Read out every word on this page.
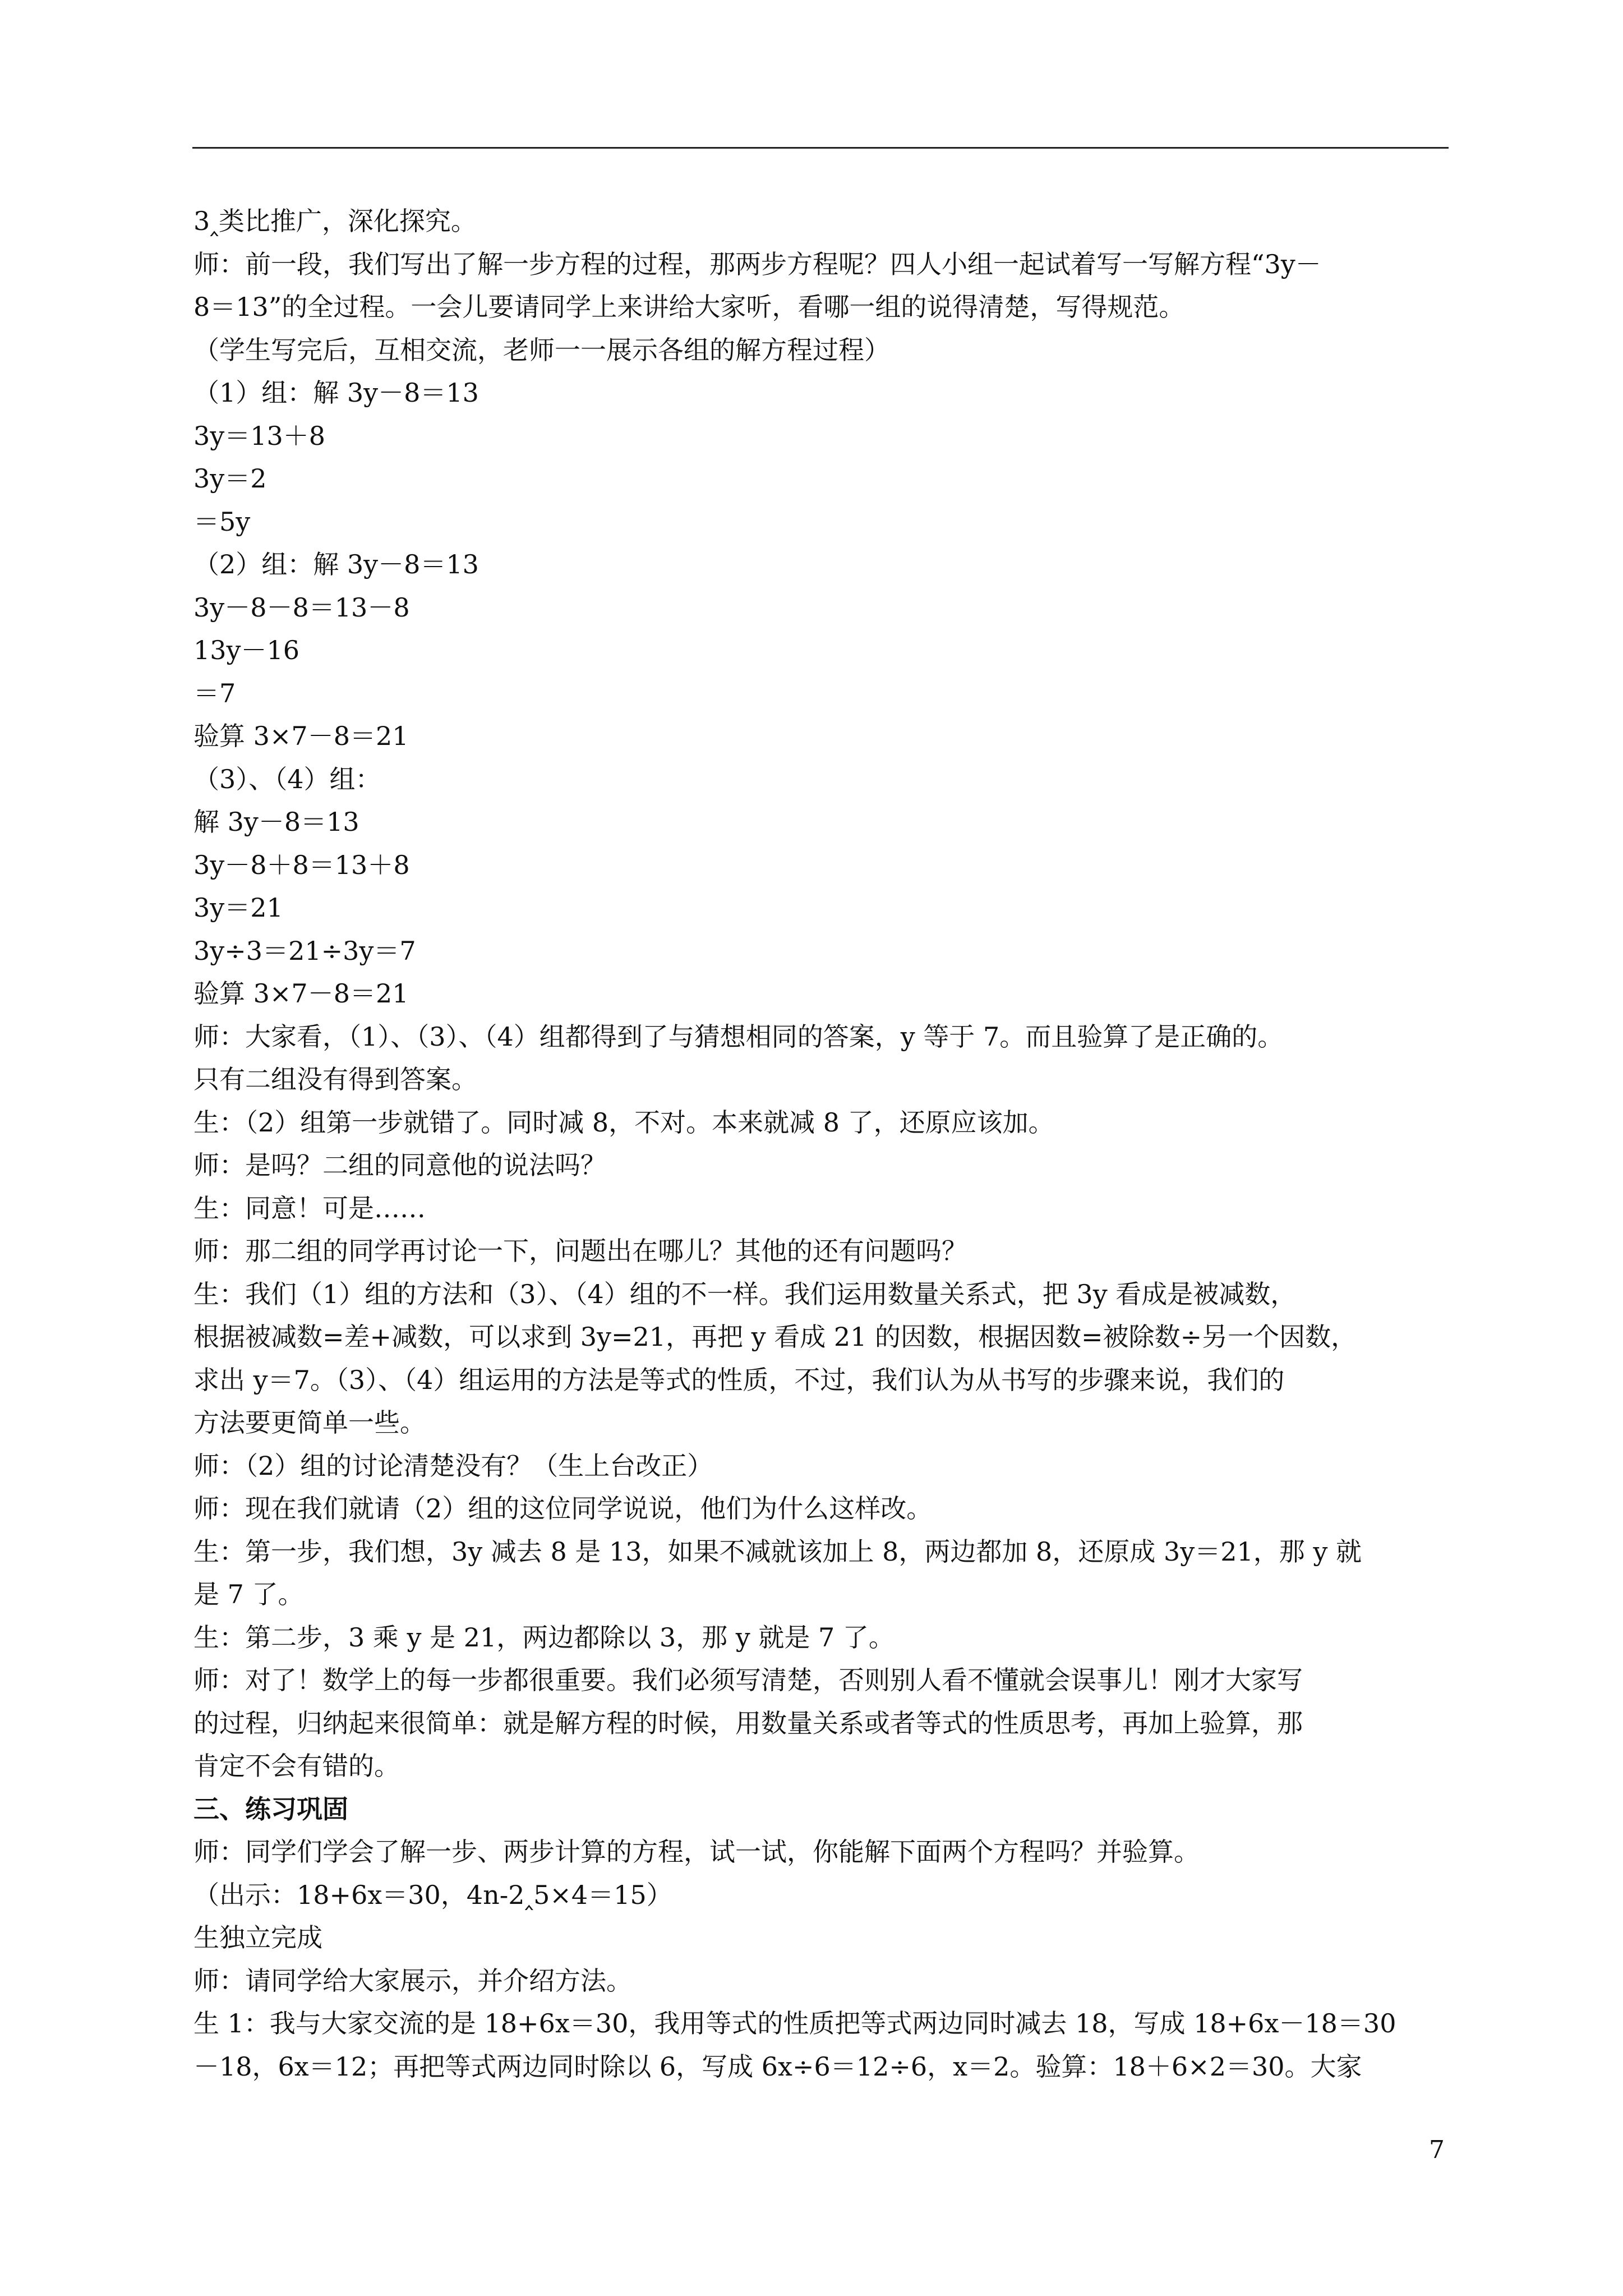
3‸类比推广，深化探究。
师：前一段，我们写出了解一步方程的过程，那两步方程呢？四人小组一起试着写一写解方程“3y－
8＝13”的全过程。一会儿要请同学上来讲给大家听，看哪一组的说得清楚，写得规范。
（学生写完后，互相交流，老师一一展示各组的解方程过程）
（1）组：解 3y－8＝13
3y＝13＋8
3y＝2
＝5y
（2）组：解 3y－8＝13
3y－8－8＝13－8
13y－16
＝7
验算 3×7－8＝21
（3）、（4）组：
解 3y－8＝13
3y－8＋8＝13＋8
3y＝21
3y÷3＝21÷3y＝7
验算 3×7－8＝21
师：大家看，（1）、（3）、（4）组都得到了与猜想相同的答案，y 等于 7。而且验算了是正确的。
只有二组没有得到答案。
生：（2）组第一步就错了。同时减 8，不对。本来就减 8 了，还原应该加。
师：是吗？二组的同意他的说法吗？
生：同意！可是……
师：那二组的同学再讨论一下，问题出在哪儿？其他的还有问题吗？
生：我们（1）组的方法和（3）、（4）组的不一样。我们运用数量关系式，把 3y 看成是被减数，
根据被减数=差+减数，可以求到 3y=21，再把 y 看成 21 的因数，根据因数=被除数÷另一个因数，
求出 y＝7。（3）、（4）组运用的方法是等式的性质，不过，我们认为从书写的步骤来说，我们的
方法要更简单一些。
师：（2）组的讨论清楚没有？（生上台改正）
师：现在我们就请（2）组的这位同学说说，他们为什么这样改。
生：第一步，我们想，3y 减去 8 是 13，如果不减就该加上 8，两边都加 8，还原成 3y＝21，那 y 就
是 7 了。
生：第二步，3 乘 y 是 21，两边都除以 3，那 y 就是 7 了。
师：对了！数学上的每一步都很重要。我们必须写清楚，否则别人看不懂就会误事儿！刚才大家写
的过程，归纳起来很简单：就是解方程的时候，用数量关系或者等式的性质思考，再加上验算，那
肯定不会有错的。
三、练习巩固
师：同学们学会了解一步、两步计算的方程，试一试，你能解下面两个方程吗？并验算。
（出示：18+6x＝30，4n-2‸5×4＝15）
生独立完成
师：请同学给大家展示，并介绍方法。
生 1：我与大家交流的是 18+6x＝30，我用等式的性质把等式两边同时减去 18，写成 18+6x－18＝30
－18，6x＝12；再把等式两边同时除以 6，写成 6x÷6＝12÷6，x＝2。验算：18＋6×2＝30。大家
7
